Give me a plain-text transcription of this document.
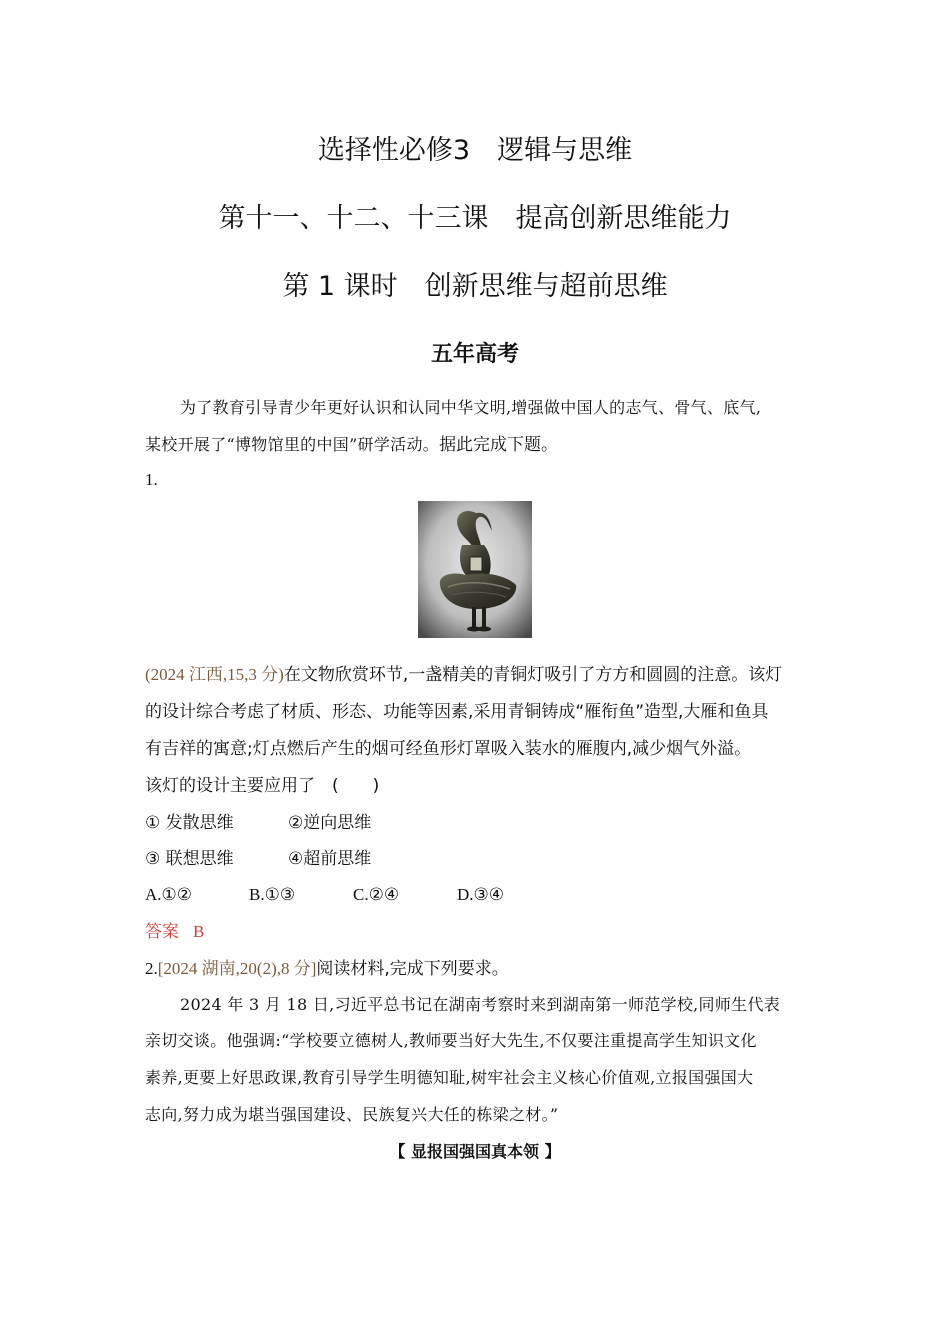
选择性必修3　逻辑与思维
第十一、十二、十三课　提高创新思维能力
第 1 课时　创新思维与超前思维
五年高考
为了教育引导青少年更好认识和认同中华文明,增强做中国人的志气、骨气、底气,
某校开展了“博物馆里的中国”研学活动。据此完成下题。
1.
(2024 江西,15,3 分)在文物欣赏环节,一盏精美的青铜灯吸引了方方和圆圆的注意。该灯
的设计综合考虑了材质、形态、功能等因素,采用青铜铸成“雁衔鱼”造型,大雁和鱼具
有吉祥的寓意;灯点燃后产生的烟可经鱼形灯罩吸入装水的雁腹内,减少烟气外溢。
该灯的设计主要应用了　(　　)
① 发散思维	②逆向思维
③ 联想思维	④超前思维
A.①②	B.①③	C.②④	D.③④
答案 B
2.[2024 湖南,20(2),8 分]阅读材料,完成下列要求。
2024 年 3 月 18 日,习近平总书记在湖南考察时来到湖南第一师范学校,同师生代表
亲切交谈。他强调:“学校要立德树人,教师要当好大先生,不仅要注重提高学生知识文化
素养,更要上好思政课,教育引导学生明德知耻,树牢社会主义核心价值观,立报国强国大
志向,努力成为堪当强国建设、民族复兴大任的栋梁之材。”
【 显报国强国真本领 】
